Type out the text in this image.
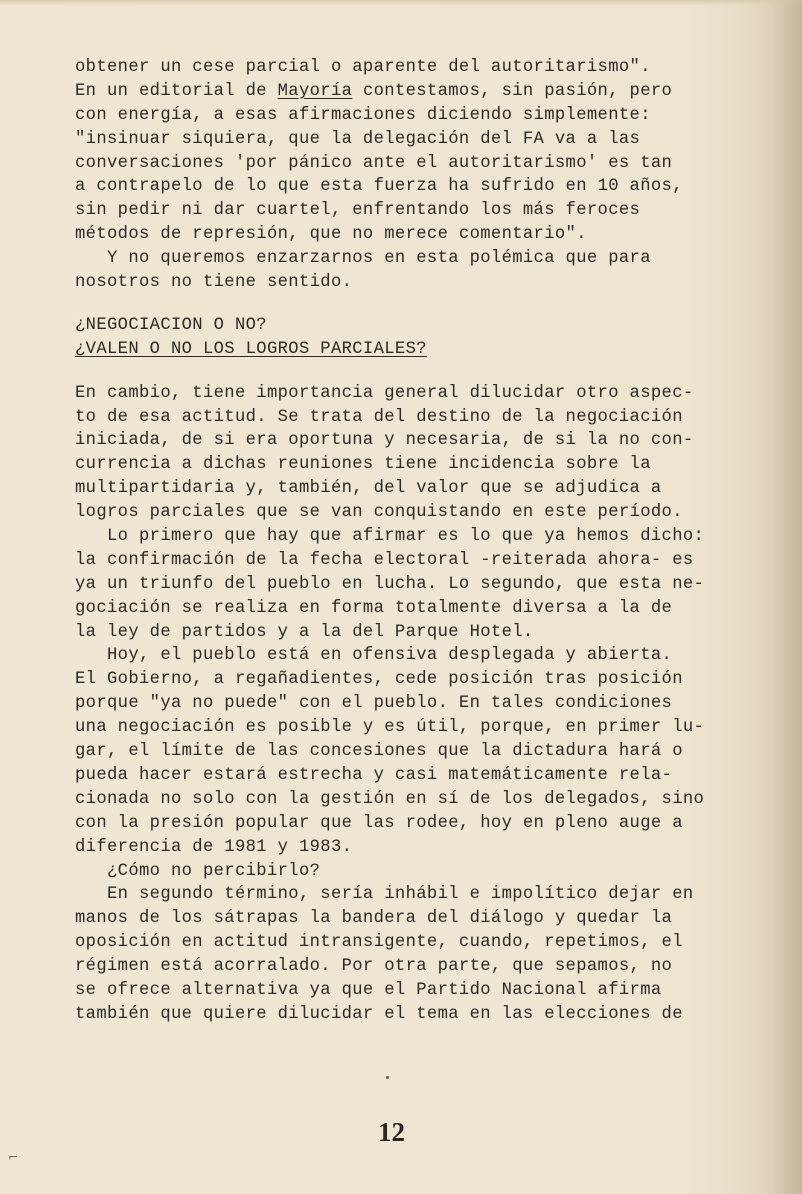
obtener un cese parcial o aparente del autoritarismo".
En un editorial de Mayoría contestamos, sin pasión, pero
con energía, a esas afirmaciones diciendo simplemente:
"insinuar siquiera, que la delegación del FA va a las
conversaciones 'por pánico ante el autoritarismo' es tan
a contrapelo de lo que esta fuerza ha sufrido en 10 años,
sin pedir ni dar cuartel, enfrentando los más feroces
métodos de represión, que no merece comentario".
Y no queremos enzarzarnos en esta polémica que para
nosotros no tiene sentido.
¿NEGOCIACION O NO?
¿VALEN O NO LOS LOGROS PARCIALES?
En cambio, tiene importancia general dilucidar otro aspec-
to de esa actitud. Se trata del destino de la negociación
iniciada, de si era oportuna y necesaria, de si la no con-
currencia a dichas reuniones tiene incidencia sobre la
multipartidaria y, también, del valor que se adjudica a
logros parciales que se van conquistando en este período.
Lo primero que hay que afirmar es lo que ya hemos dicho:
la confirmación de la fecha electoral -reiterada ahora- es
ya un triunfo del pueblo en lucha. Lo segundo, que esta ne-
gociación se realiza en forma totalmente diversa a la de
la ley de partidos y a la del Parque Hotel.
Hoy, el pueblo está en ofensiva desplegada y abierta.
El Gobierno, a regañadientes, cede posición tras posición
porque "ya no puede" con el pueblo. En tales condiciones
una negociación es posible y es útil, porque, en primer lu-
gar, el límite de las concesiones que la dictadura hará o
pueda hacer estará estrecha y casi matemáticamente rela-
cionada no solo con la gestión en sí de los delegados, sino
con la presión popular que las rodee, hoy en pleno auge a
diferencia de 1981 y 1983.
¿Cómo no percibirlo?
En segundo término, sería inhábil e impolítico dejar en
manos de los sátrapas la bandera del diálogo y quedar la
oposición en actitud intransigente, cuando, repetimos, el
régimen está acorralado. Por otra parte, que sepamos, no
se ofrece alternativa ya que el Partido Nacional afirma
también que quiere dilucidar el tema en las elecciones de
12
⌐
